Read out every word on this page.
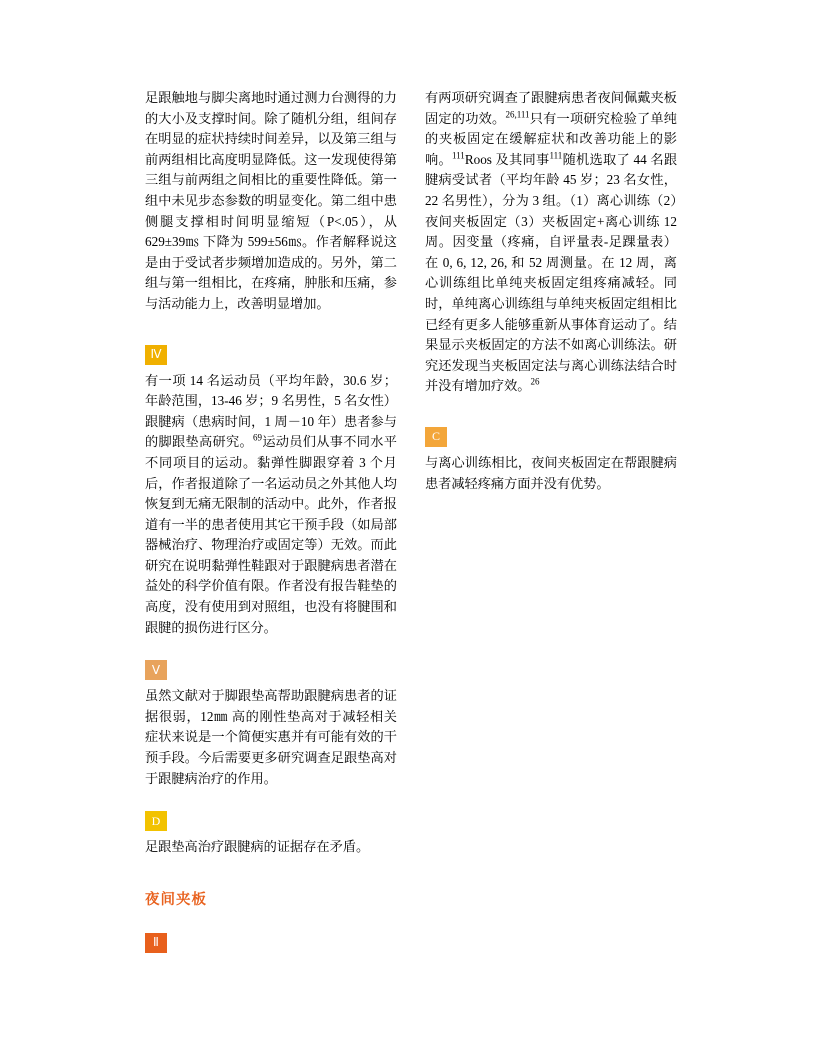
足跟触地与脚尖离地时通过测力台测得的力的大小及支撑时间。除了随机分组，组间存在明显的症状持续时间差异，以及第三组与前两组相比高度明显降低。这一发现使得第三组与前两组之间相比的重要性降低。第一组中未见步态参数的明显变化。第二组中患侧腿支撑相时间明显缩短（P<.05），从 629±39㎳ 下降为 599±56㎳。作者解释说这是由于受试者步频增加造成的。另外，第二组与第一组相比，在疼痛，肿胀和压痛，参与活动能力上，改善明显增加。

Ⅳ

有一项 14 名运动员（平均年龄，30.6 岁；年龄范围，13-46 岁；9 名男性，5 名女性）跟腱病（患病时间，1 周－10 年）患者参与的脚跟垫高研究。$^{69}$运动员们从事不同水平不同项目的运动。黏弹性脚跟穿着 3 个月后，作者报道除了一名运动员之外其他人均恢复到无痛无限制的活动中。此外，作者报道有一半的患者使用其它干预手段（如局部器械治疗、物理治疗或固定等）无效。而此研究在说明黏弹性鞋跟对于跟腱病患者潜在益处的科学价值有限。作者没有报告鞋垫的高度，没有使用到对照组，也没有将腱围和跟腱的损伤进行区分。

Ⅴ

虽然文献对于脚跟垫高帮助跟腱病患者的证据很弱，12㎜ 高的刚性垫高对于减轻相关症状来说是一个简便实惠并有可能有效的干预手段。今后需要更多研究调查足跟垫高对于跟腱病治疗的作用。

D

足跟垫高治疗跟腱病的证据存在矛盾。

夜间夹板
Ⅱ

有两项研究调查了跟腱病患者夜间佩戴夹板固定的功效。$^{26,111}$只有一项研究检验了单纯的夹板固定在缓解症状和改善功能上的影响。$^{111}$Roos 及其同事$^{111}$随机选取了 44 名跟腱病受试者（平均年龄 45 岁；23 名女性，22 名男性），分为 3 组。（1）离心训练（2）夜间夹板固定（3）夹板固定+离心训练 12 周。因变量（疼痛，自评量表-足踝量表）在 0, 6, 12, 26, 和 52 周测量。在 12 周，离心训练组比单纯夹板固定组疼痛减轻。同时，单纯离心训练组与单纯夹板固定组相比已经有更多人能够重新从事体育运动了。结果显示夹板固定的方法不如离心训练法。研究还发现当夹板固定法与离心训练法结合时并没有增加疗效。$^{26}$

C

与离心训练相比，夜间夹板固定在帮跟腱病患者减轻疼痛方面并没有优势。
